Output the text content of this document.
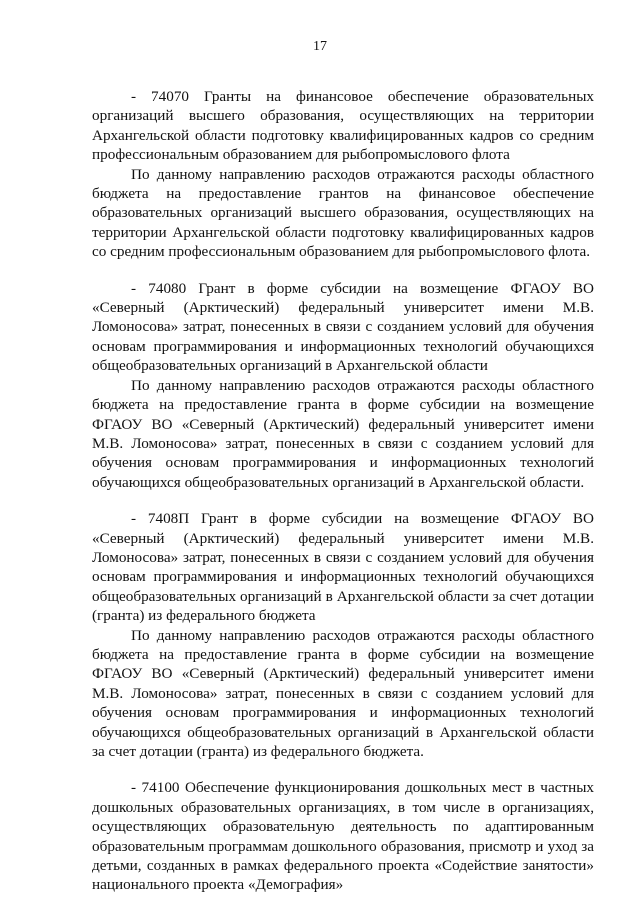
17

- 74070 Гранты на финансовое обеспечение образовательных организаций высшего образования, осуществляющих на территории Архангельской области подготовку квалифицированных кадров со средним профессиональным образованием для рыбопромыслового флота

По данному направлению расходов отражаются расходы областного бюджета на предоставление грантов на финансовое обеспечение образовательных организаций высшего образования, осуществляющих на территории Архангельской области подготовку квалифицированных кадров со средним профессиональным образованием для рыбопромыслового флота.

- 74080 Грант в форме субсидии на возмещение ФГАОУ ВО «Северный (Арктический) федеральный университет имени М.В. Ломоносова» затрат, понесенных в связи с созданием условий для обучения основам программирования и информационных технологий обучающихся общеобразовательных организаций в Архангельской области

По данному направлению расходов отражаются расходы областного бюджета на предоставление гранта в форме субсидии на возмещение ФГАОУ ВО «Северный (Арктический) федеральный университет имени М.В. Ломоносова» затрат, понесенных в связи с созданием условий для обучения основам программирования и информационных технологий обучающихся общеобразовательных организаций в Архангельской области.

- 7408П Грант в форме субсидии на возмещение ФГАОУ ВО «Северный (Арктический) федеральный университет имени М.В. Ломоносова» затрат, понесенных в связи с созданием условий для обучения основам программирования и информационных технологий обучающихся общеобразовательных организаций в Архангельской области за счет дотации (гранта) из федерального бюджета

По данному направлению расходов отражаются расходы областного бюджета на предоставление гранта в форме субсидии на возмещение ФГАОУ ВО «Северный (Арктический) федеральный университет имени М.В. Ломоносова» затрат, понесенных в связи с созданием условий для обучения основам программирования и информационных технологий обучающихся общеобразовательных организаций в Архангельской области за счет дотации (гранта) из федерального бюджета.

- 74100 Обеспечение функционирования дошкольных мест в частных дошкольных образовательных организациях, в том числе в организациях, осуществляющих образовательную деятельность по адаптированным образовательным программам дошкольного образования, присмотр и уход за детьми, созданных в рамках федерального проекта «Содействие занятости» национального проекта «Демография»
